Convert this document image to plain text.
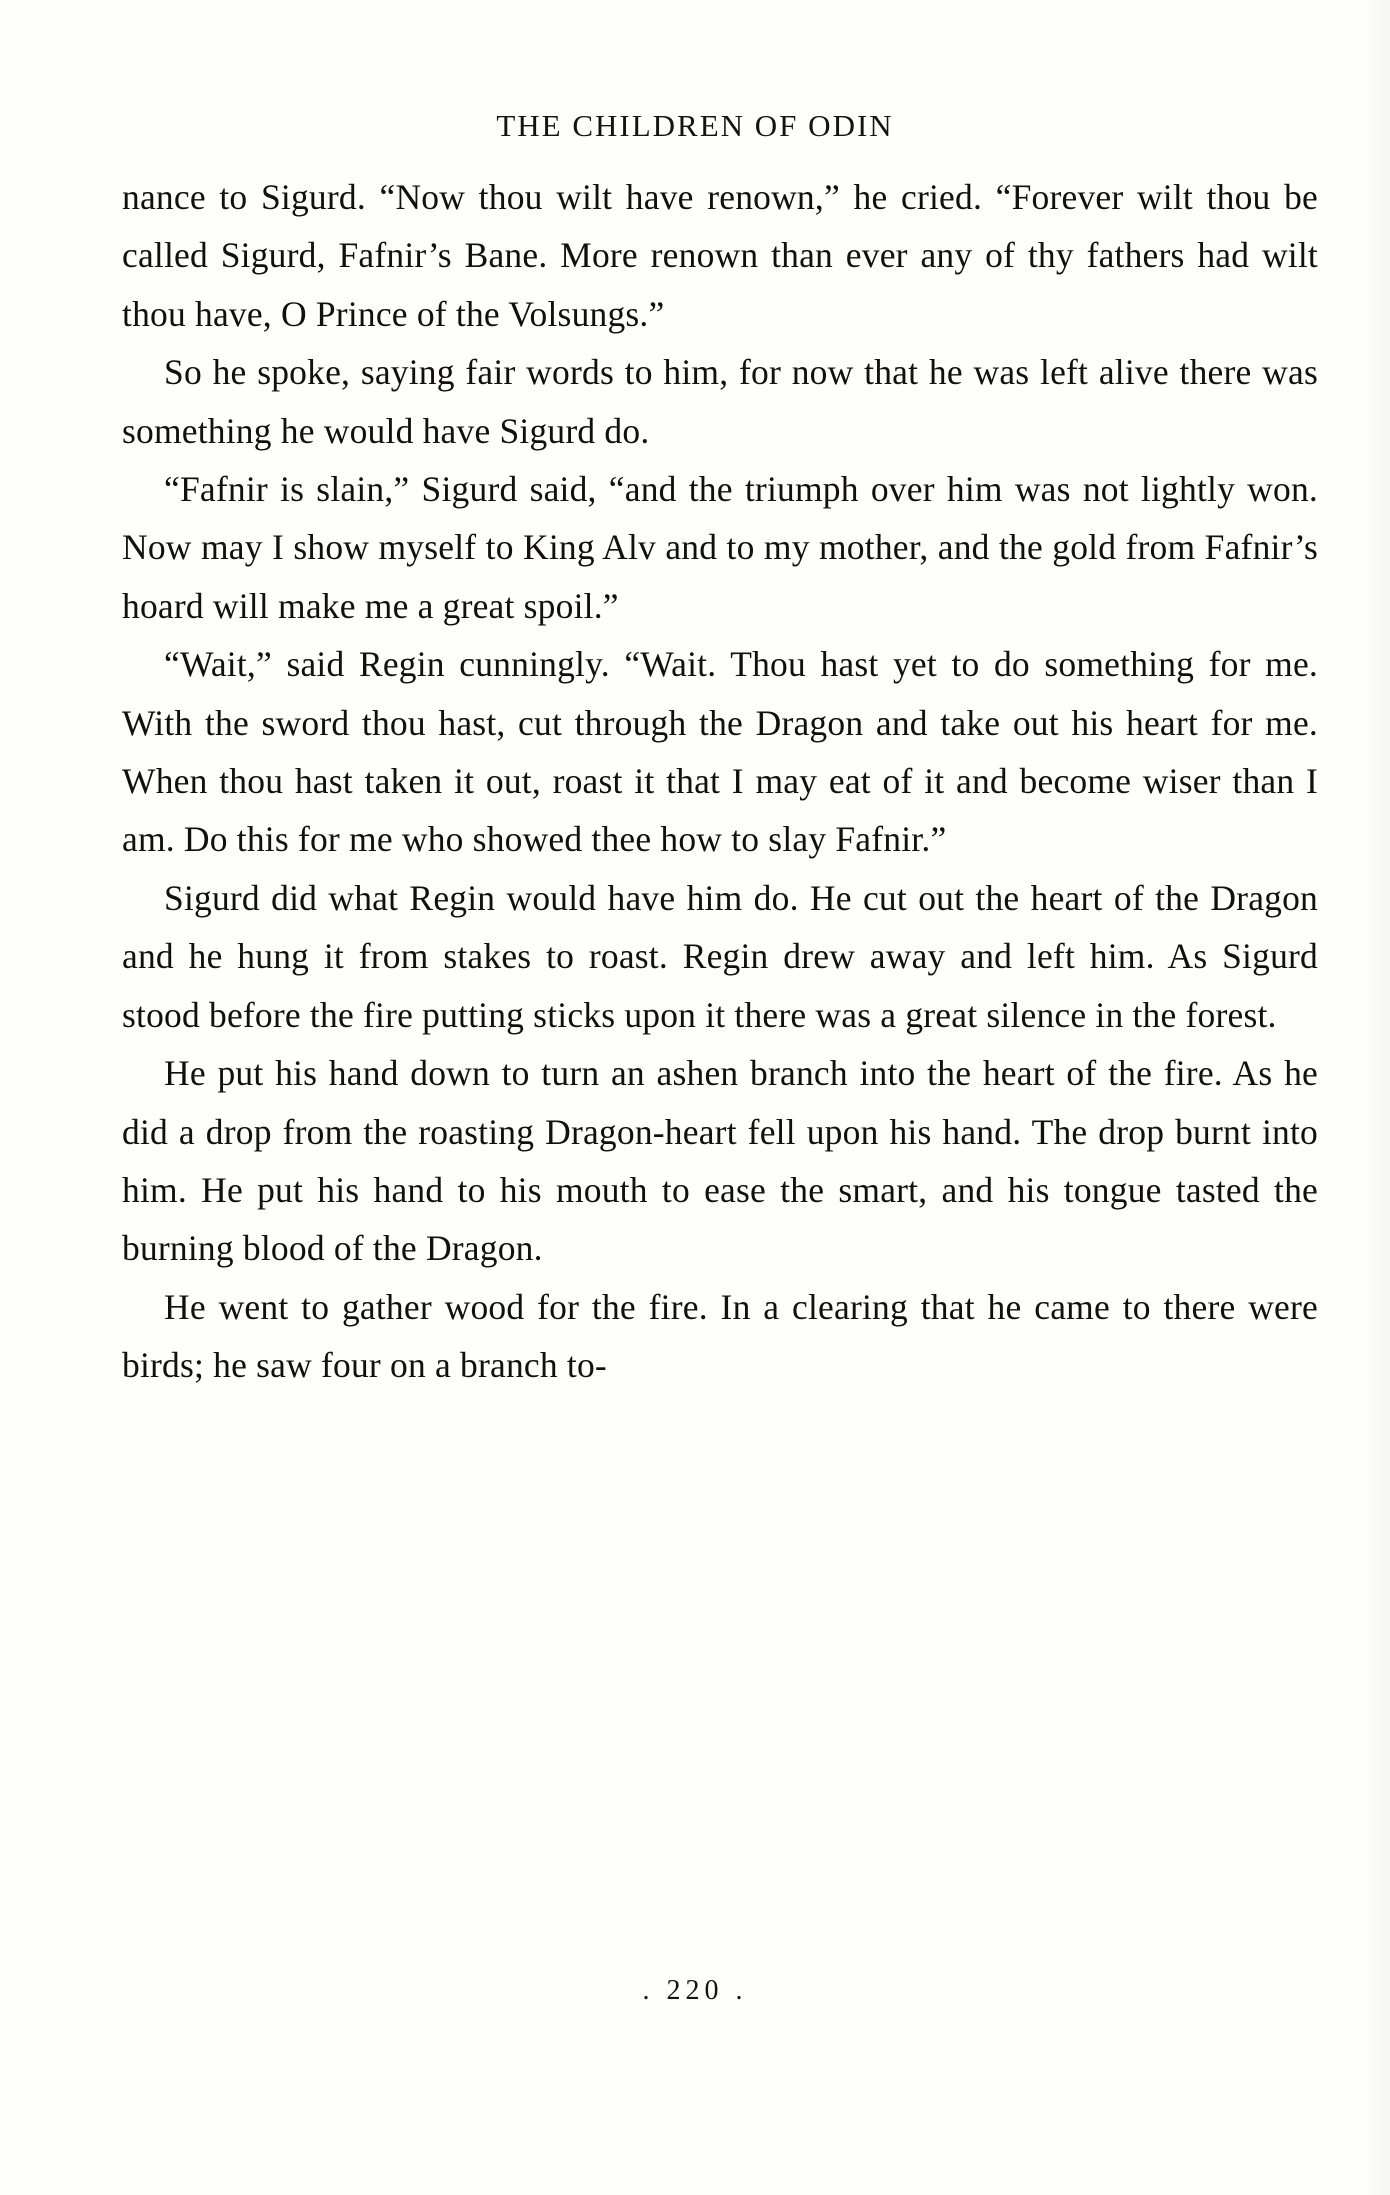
THE CHILDREN OF ODIN

nance to Sigurd. “Now thou wilt have renown,” he cried. “Forever wilt thou be called Sigurd, Fafnir’s Bane. More renown than ever any of thy fathers had wilt thou have, O Prince of the Volsungs.”

So he spoke, saying fair words to him, for now that he was left alive there was something he would have Sigurd do.

“Fafnir is slain,” Sigurd said, “and the triumph over him was not lightly won. Now may I show myself to King Alv and to my mother, and the gold from Fafnir’s hoard will make me a great spoil.”

“Wait,” said Regin cunningly. “Wait. Thou hast yet to do something for me. With the sword thou hast, cut through the Dragon and take out his heart for me. When thou hast taken it out, roast it that I may eat of it and become wiser than I am. Do this for me who showed thee how to slay Fafnir.”

Sigurd did what Regin would have him do. He cut out the heart of the Dragon and he hung it from stakes to roast. Regin drew away and left him. As Sigurd stood before the fire putting sticks upon it there was a great silence in the forest.

He put his hand down to turn an ashen branch into the heart of the fire. As he did a drop from the roasting Dragon-heart fell upon his hand. The drop burnt into him. He put his hand to his mouth to ease the smart, and his tongue tasted the burning blood of the Dragon.

He went to gather wood for the fire. In a clearing that he came to there were birds; he saw four on a branch to-

. 220 .
